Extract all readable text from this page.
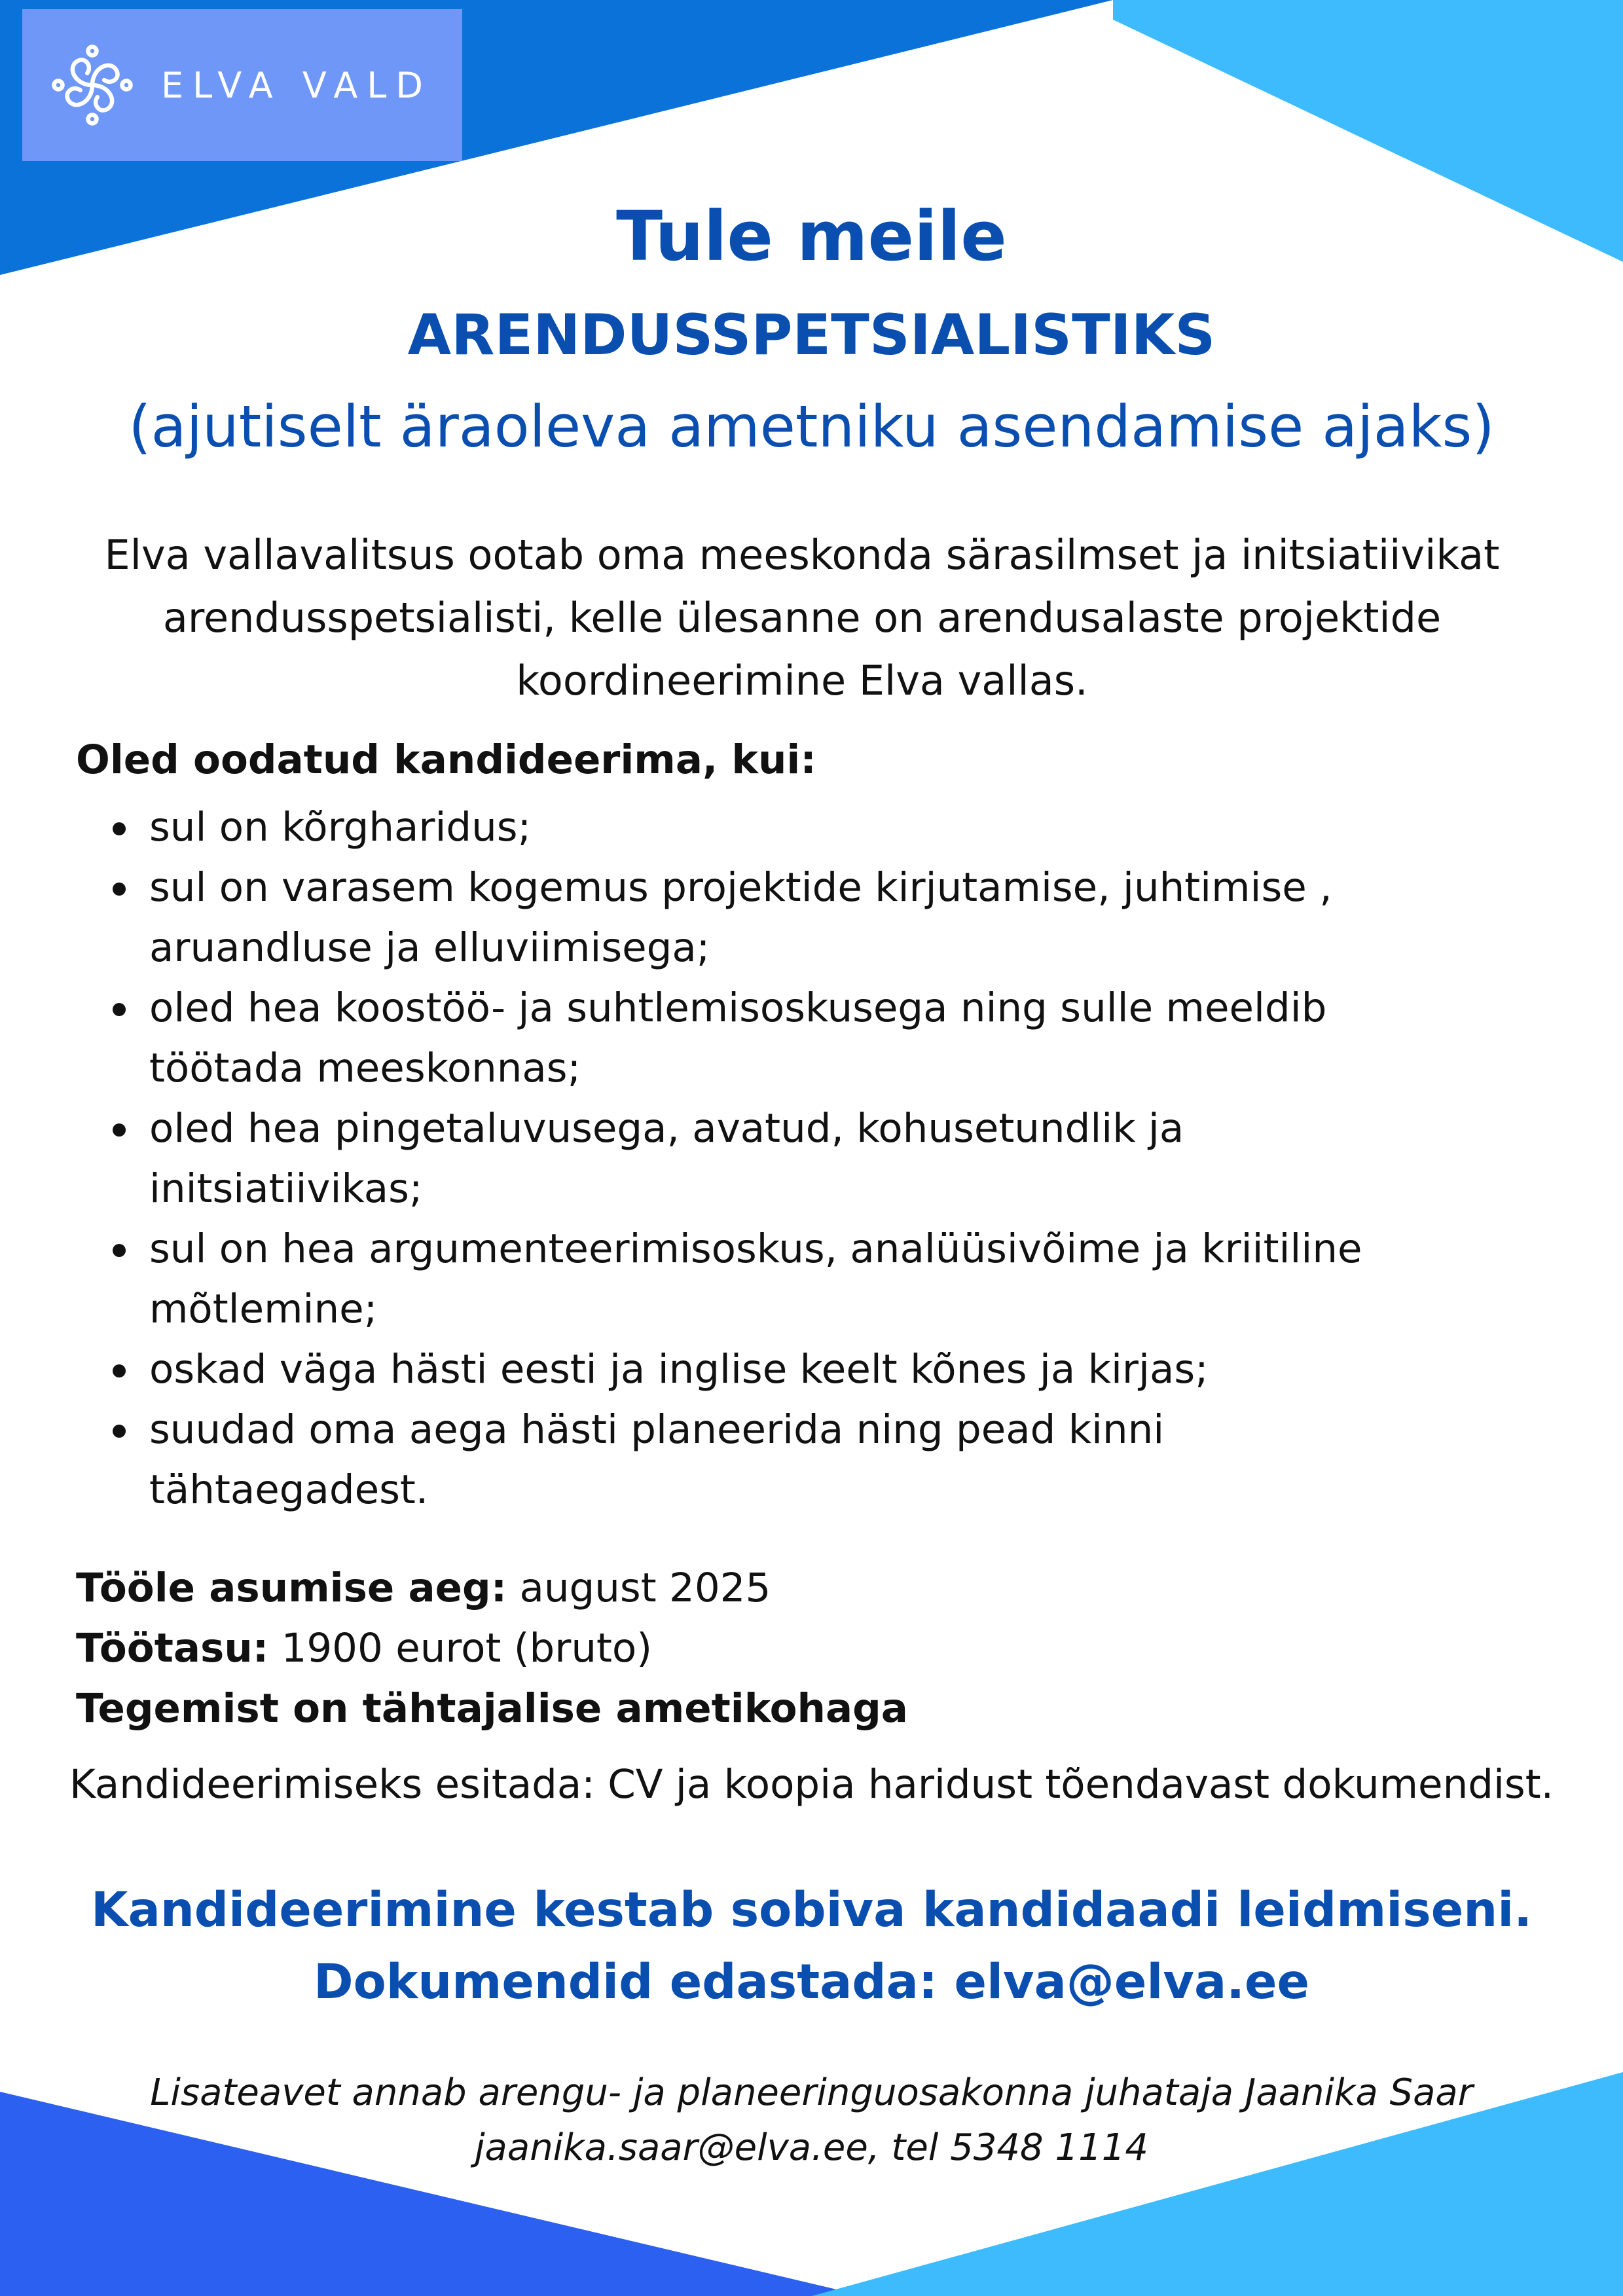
ELVA VALD
Tule meile
ARENDUSSPETSIALISTIKS
(ajutiselt äraoleva ametniku asendamise ajaks)
Elva vallavalitsus ootab oma meeskonda särasilmset ja initsiatiivikat
arendusspetsialisti, kelle ülesanne on arendusalaste projektide
koordineerimine Elva vallas.
Oled oodatud kandideerima, kui:
sul on kõrgharidus;
sul on varasem kogemus projektide kirjutamise, juhtimise ,
aruandluse ja elluviimisega;
oled hea koostöö- ja suhtlemisoskusega ning sulle meeldib
töötada meeskonnas;
oled hea pingetaluvusega, avatud, kohusetundlik ja
initsiatiivikas;
sul on hea argumenteerimisoskus, analüüsivõime ja kriitiline
mõtlemine;
oskad väga hästi eesti ja inglise keelt kõnes ja kirjas;
suudad oma aega hästi planeerida ning pead kinni
tähtaegadest.
Tööle asumise aeg: august 2025
Töötasu: 1900 eurot (bruto)
Tegemist on tähtajalise ametikohaga
Kandideerimiseks esitada: CV ja koopia haridust tõendavast dokumendist.
Kandideerimine kestab sobiva kandidaadi leidmiseni.
Dokumendid edastada: elva@elva.ee
Lisateavet annab arengu- ja planeeringuosakonna juhataja Jaanika Saar
jaanika.saar@elva.ee, tel 5348 1114
